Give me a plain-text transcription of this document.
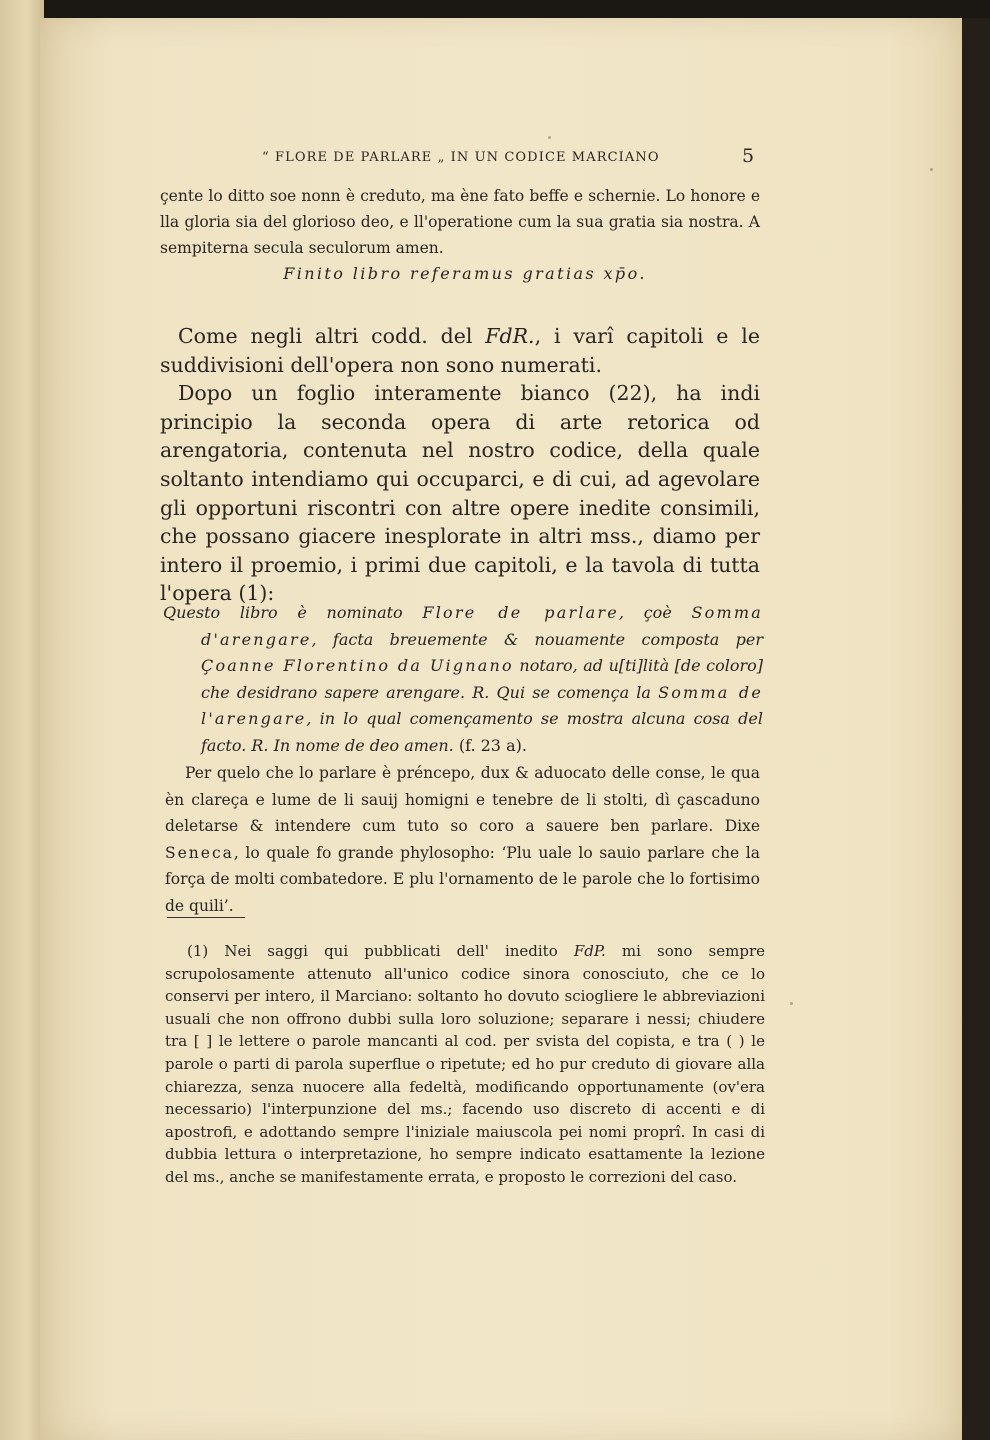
“ FLORE DE PARLARE „ IN UN CODICE MARCIANO	5

çente lo ditto soe nonn è creduto, ma ène fato beffe e schernie. Lo honore e lla gloria sia del glorioso deo, e ll'operatione cum la sua gratia sia nostra. A sempiterna secula seculorum amen.

Finito libro referamus gratias xp̄o.

Come negli altri codd. del FdR., i varî capitoli e le suddivisioni dell'opera non sono numerati.

Dopo un foglio interamente bianco (22), ha indi principio la seconda opera di arte retorica od arengatoria, contenuta nel nostro codice, della quale soltanto intendiamo qui occuparci, e di cui, ad agevolare gli opportuni riscontri con altre opere inedite consimili, che possano giacere inesplorate in altri mss., diamo per intero il proemio, i primi due capitoli, e la tavola di tutta l'opera (1):

Questo libro è nominato Flore de parlare, çoè Somma d'arengare, facta breuemente & nouamente composta per Çoanne Florentino da Uignano notaro, ad u[ti]lità [de coloro] che desidrano sapere arengare. R. Qui se començа la Somma de l'arengare, in lo qual començamento se mostra alcuna cosa del facto. R. In nome de deo amen. (f. 23 a).

Per quelo che lo parlare è préncepo, dux & aduocato delle conse, le qua èn clareça e lume de li sauij homigni e tenebre de li stolti, dì çascaduno deletarse & intendere cum tuto so coro a sauere ben parlare. Dixe Seneca, lo quale fo grande phylosopho: ‘Plu uale lo sauio parlare che la força de molti combatedore. E plu l'ornamento de le parole che lo fortisimo de quili’.

(1) Nei saggi qui pubblicati dell' inedito FdP. mi sono sempre scrupolosamente attenuto all'unico codice sinora conosciuto, che ce lo conservi per intero, il Marciano: soltanto ho dovuto sciogliere le abbreviazioni usuali che non offrono dubbi sulla loro soluzione; separare i nessi; chiudere tra [ ] le lettere o parole mancanti al cod. per svista del copista, e tra ( ) le parole o parti di parola superflue o ripetute; ed ho pur creduto di giovare alla chiarezza, senza nuocere alla fedeltà, modificando opportunamente (ov'era necessario) l'interpunzione del ms.; facendo uso discreto di accenti e di apostrofi, e adottando sempre l'iniziale maiuscola pei nomi proprî. In casi di dubbia lettura o interpretazione, ho sempre indicato esattamente la lezione del ms., anche se manifestamente errata, e proposto le correzioni del caso.
